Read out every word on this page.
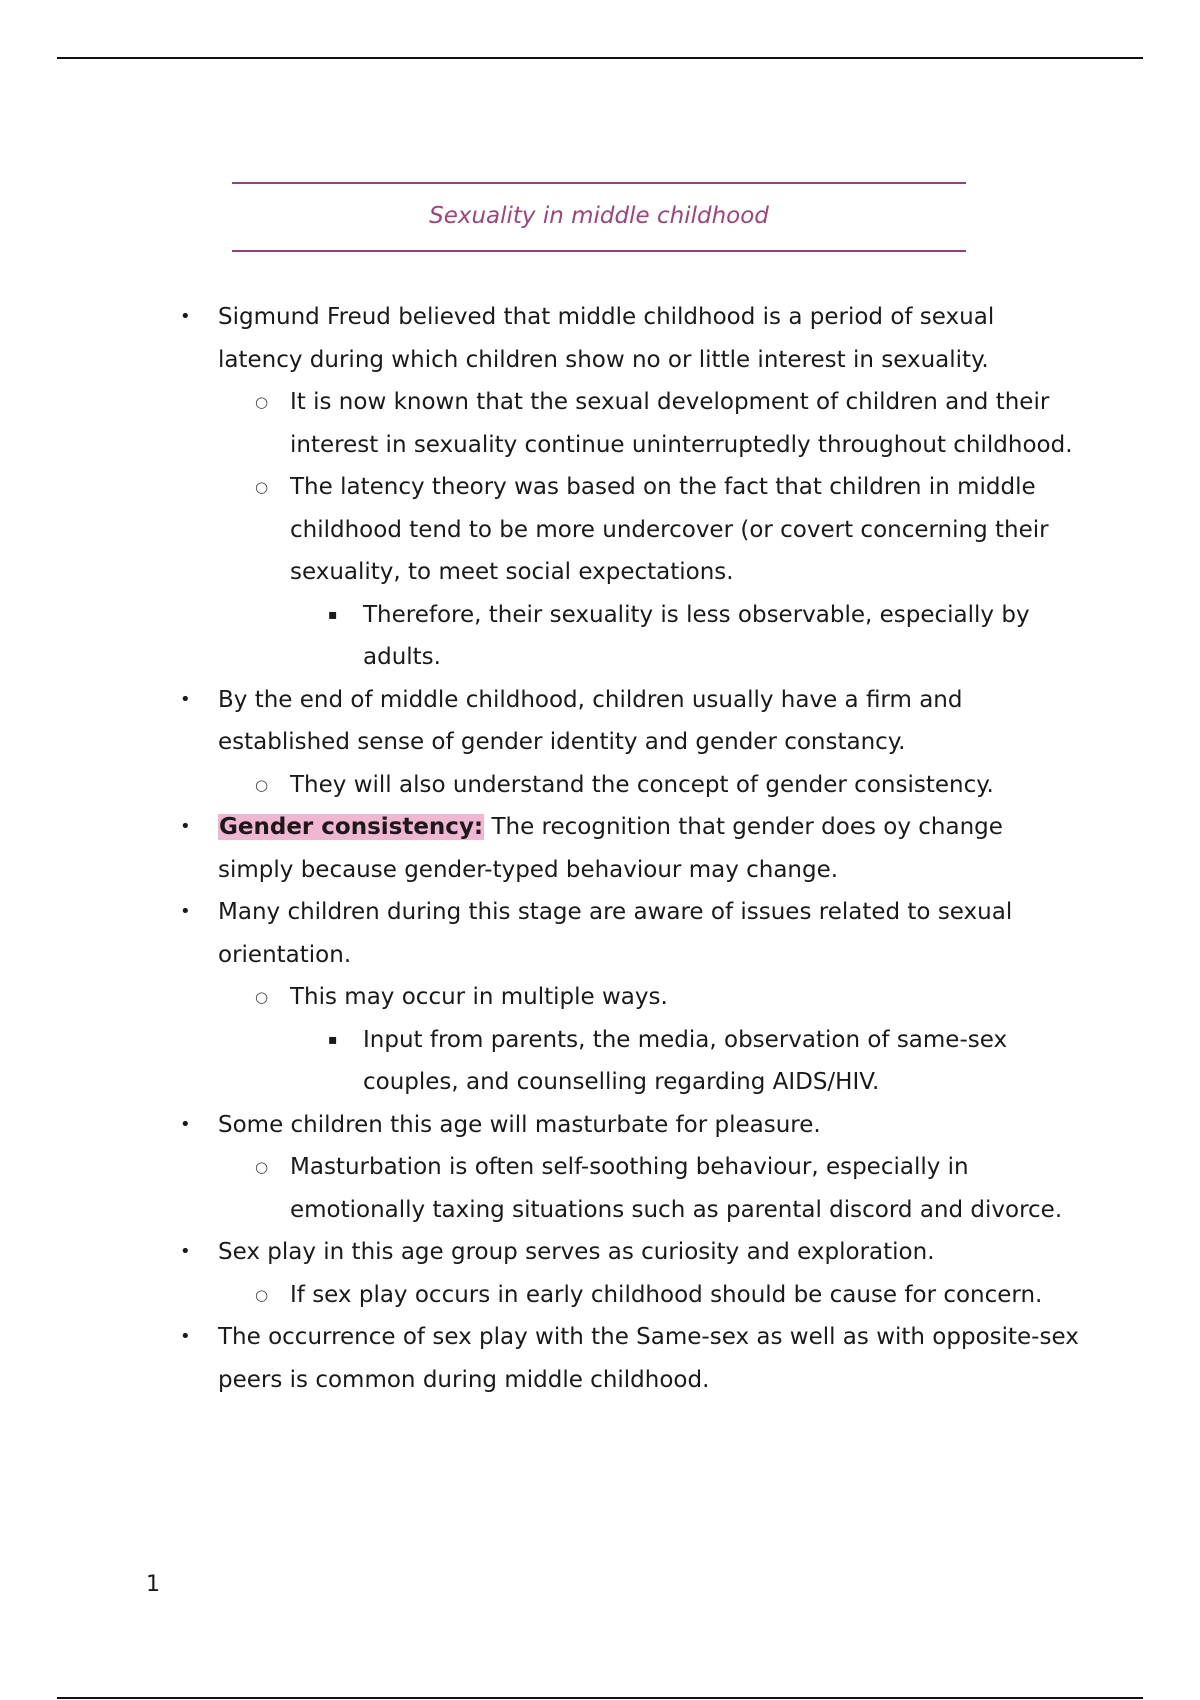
Sexuality in middle childhood
• Sigmund Freud believed that middle childhood is a period of sexual latency during which children show no or little interest in sexuality.
○ It is now known that the sexual development of children and their interest in sexuality continue uninterruptedly throughout childhood.
○ The latency theory was based on the fact that children in middle childhood tend to be more undercover (or covert concerning their sexuality, to meet social expectations.
▪ Therefore, their sexuality is less observable, especially by adults.
• By the end of middle childhood, children usually have a firm and established sense of gender identity and gender constancy.
○ They will also understand the concept of gender consistency.
• Gender consistency: The recognition that gender does oy change simply because gender-typed behaviour may change.
• Many children during this stage are aware of issues related to sexual orientation.
○ This may occur in multiple ways.
▪ Input from parents, the media, observation of same-sex couples, and counselling regarding AIDS/HIV.
• Some children this age will masturbate for pleasure.
○ Masturbation is often self-soothing behaviour, especially in emotionally taxing situations such as parental discord and divorce.
• Sex play in this age group serves as curiosity and exploration.
○ If sex play occurs in early childhood should be cause for concern.
• The occurrence of sex play with the Same-sex as well as with opposite-sex peers is common during middle childhood.
1
